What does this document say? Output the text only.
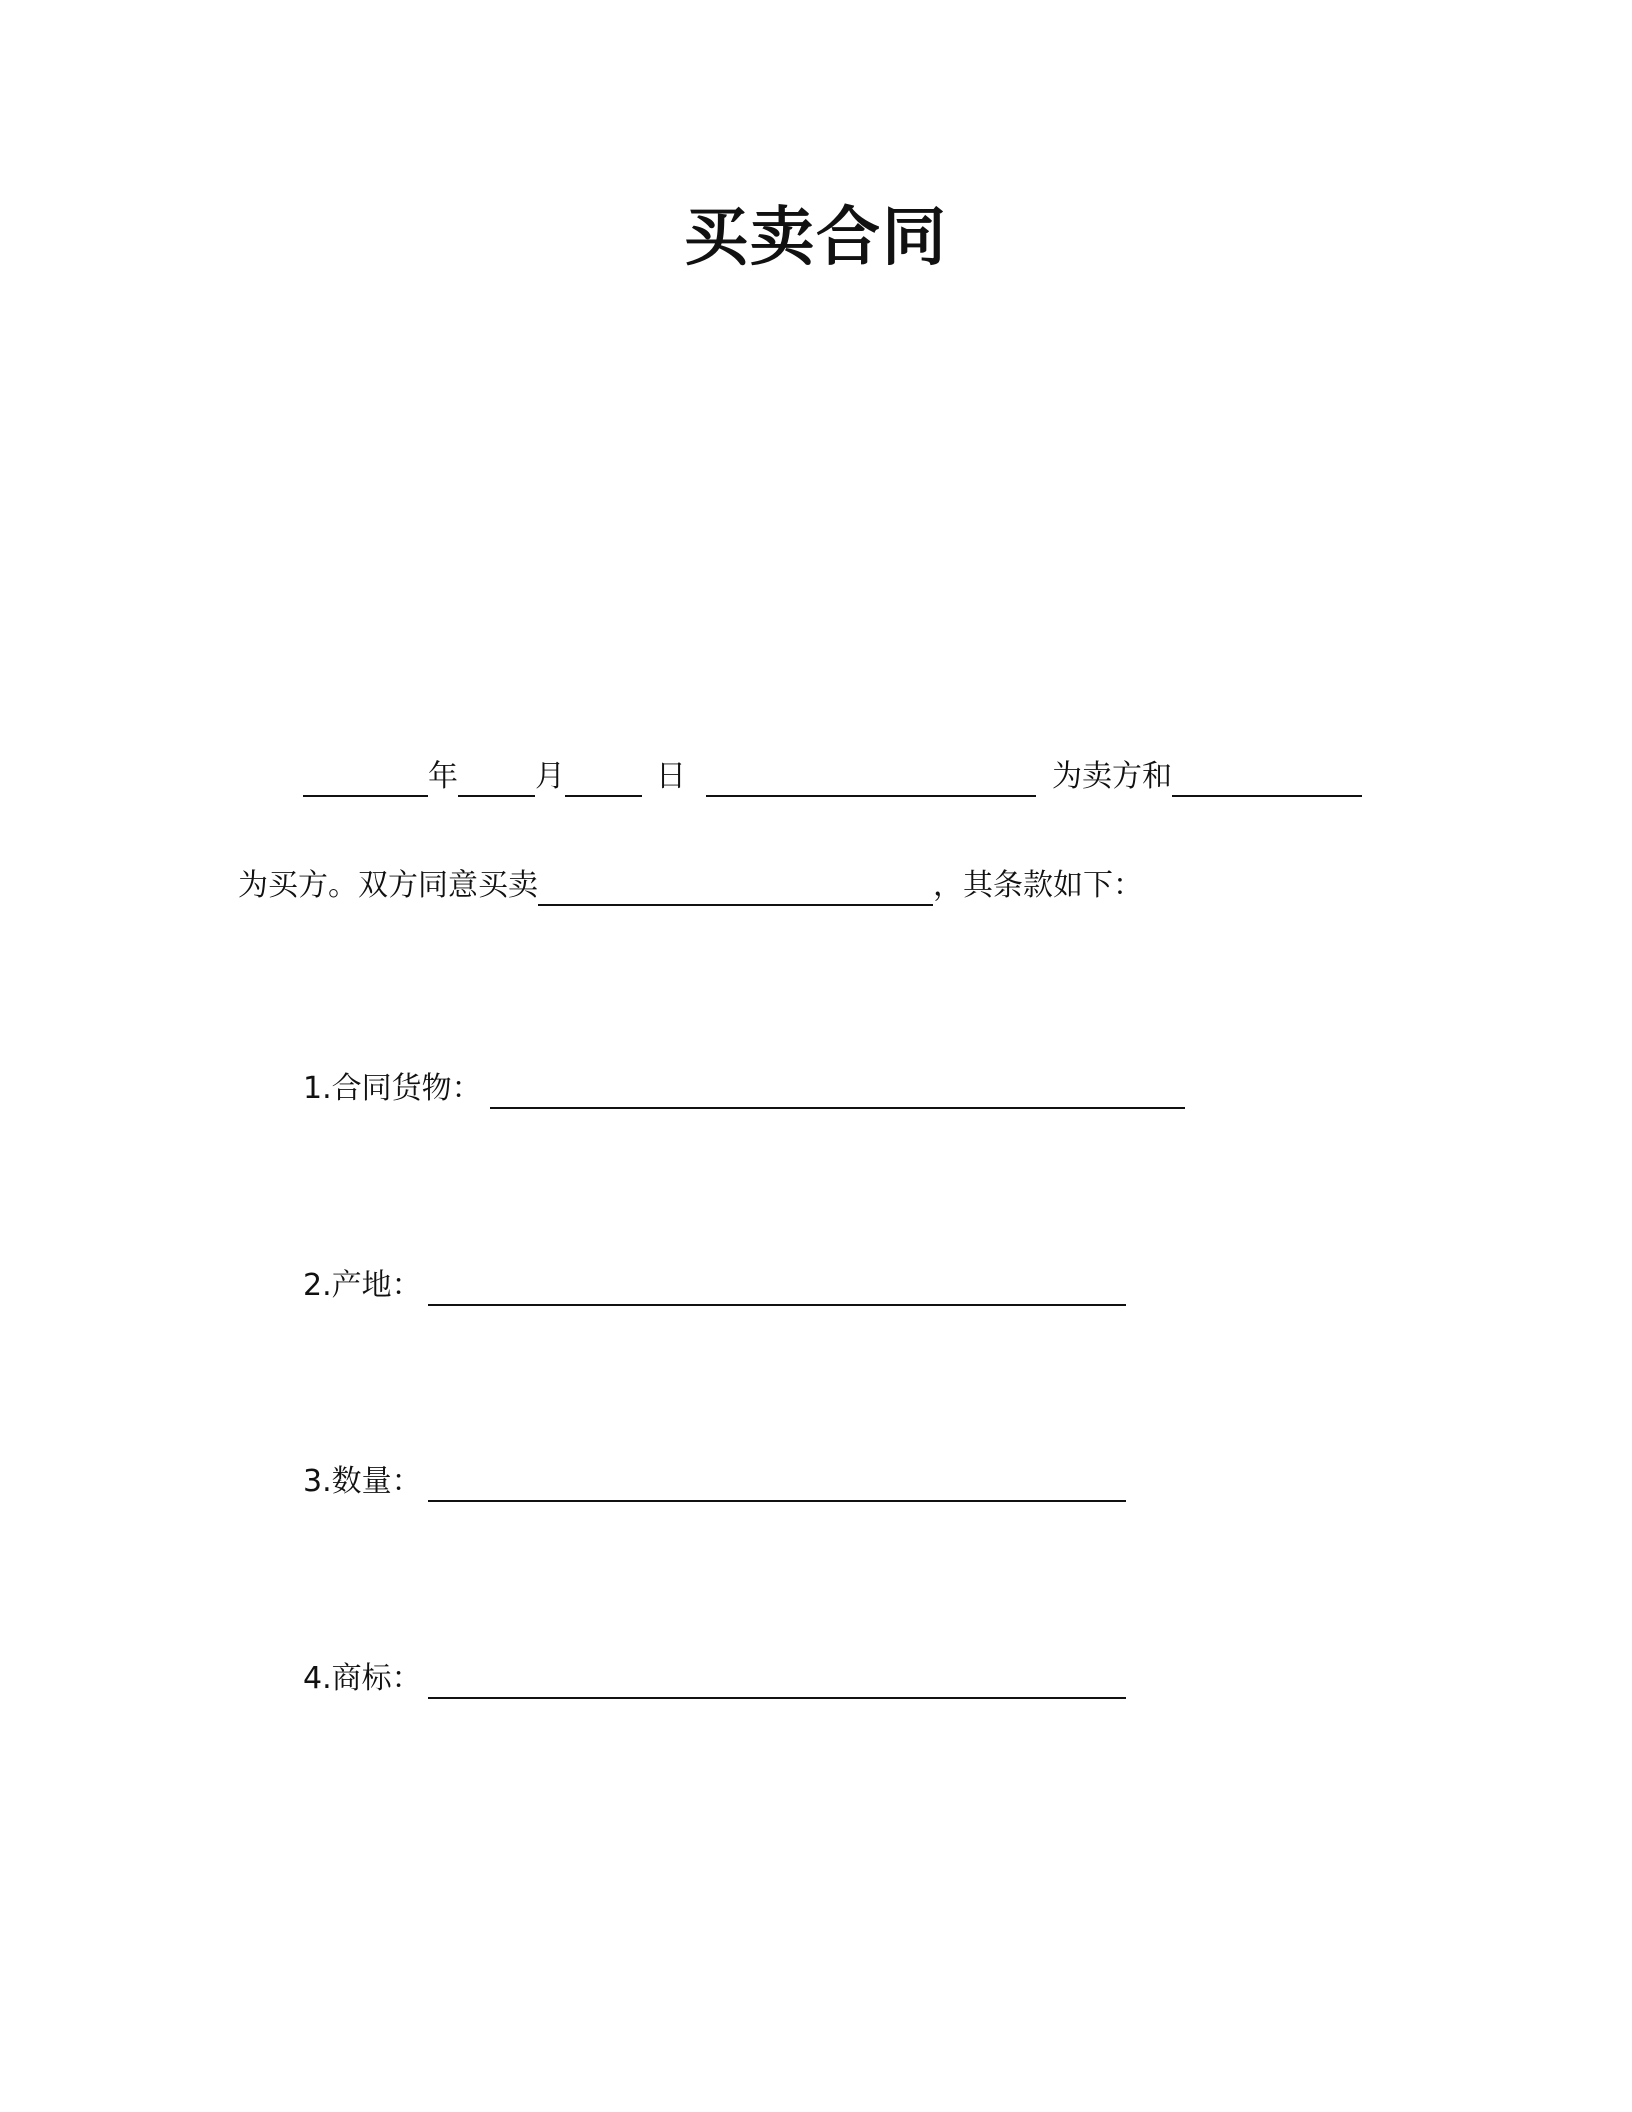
买卖合同
年	月	日	为卖方和
为买方。双方同意买卖	，其条款如下：
1.合同货物：
2.产地：
3.数量：
4.商标：
